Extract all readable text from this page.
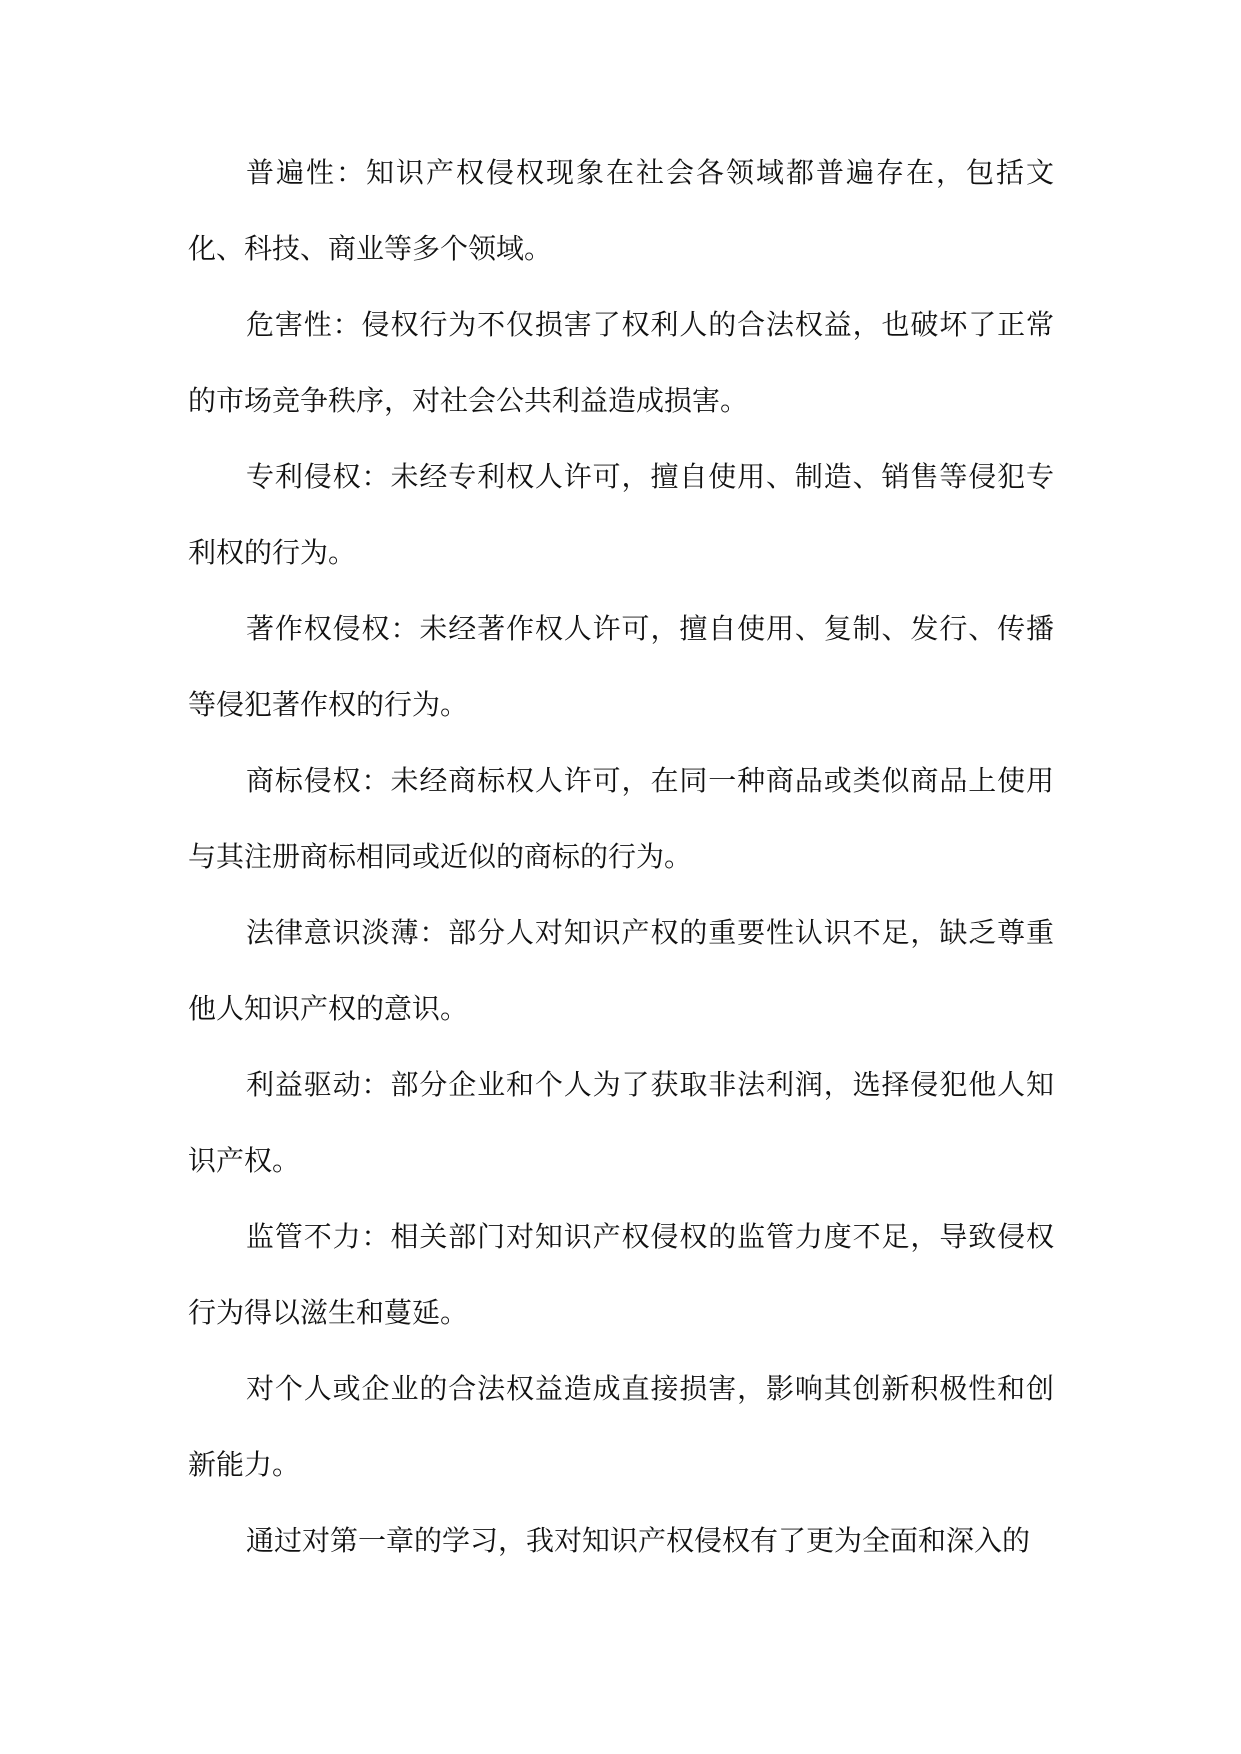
普遍性：知识产权侵权现象在社会各领域都普遍存在，包括文化、科技、商业等多个领域。

危害性：侵权行为不仅损害了权利人的合法权益，也破坏了正常的市场竞争秩序，对社会公共利益造成损害。

专利侵权：未经专利权人许可，擅自使用、制造、销售等侵犯专利权的行为。

著作权侵权：未经著作权人许可，擅自使用、复制、发行、传播等侵犯著作权的行为。

商标侵权：未经商标权人许可，在同一种商品或类似商品上使用与其注册商标相同或近似的商标的行为。

法律意识淡薄：部分人对知识产权的重要性认识不足，缺乏尊重他人知识产权的意识。

利益驱动：部分企业和个人为了获取非法利润，选择侵犯他人知识产权。

监管不力：相关部门对知识产权侵权的监管力度不足，导致侵权行为得以滋生和蔓延。

对个人或企业的合法权益造成直接损害，影响其创新积极性和创新能力。

通过对第一章的学习，我对知识产权侵权有了更为全面和深入的
